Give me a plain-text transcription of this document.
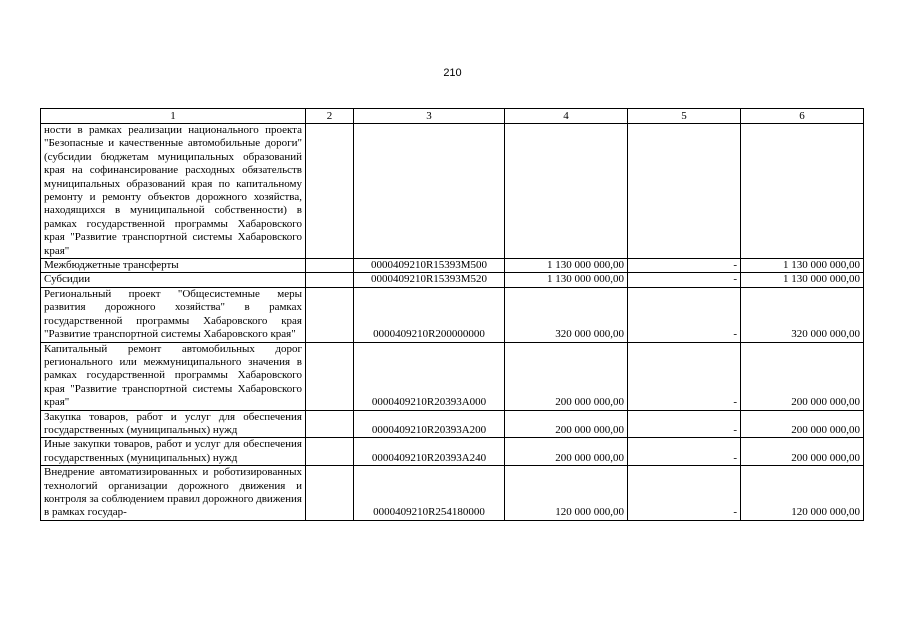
210
1	2	3	4	5	6
ности в рамках реализации национального проекта "Безопасные и качественные автомобильные дороги" (субсидии бюджетам муниципальных образований края на софинансирование расходных обязательств муниципальных образований края по капитальному ремонту и ремонту объектов дорожного хозяйства, находящихся в муниципальной собственности) в рамках государственной программы Хабаровского края "Развитие транспортной системы Хабаровского края"					
Межбюджетные трансферты		0000409210R15393М500	1 130 000 000,00	-	1 130 000 000,00
Субсидии		0000409210R15393М520	1 130 000 000,00	-	1 130 000 000,00
Региональный проект "Общесистемные меры развития дорожного хозяйства" в рамках государственной программы Хабаровского края "Развитие транспортной системы Хабаровского края"		0000409210R200000000	320 000 000,00	-	320 000 000,00
Капитальный ремонт автомобильных дорог регионального или межмуниципального значения в рамках государственной программы Хабаровского края "Развитие транспортной системы Хабаровского края"		0000409210R20393А000	200 000 000,00	-	200 000 000,00
Закупка товаров, работ и услуг для обеспечения государственных (муниципальных) нужд		0000409210R20393А200	200 000 000,00	-	200 000 000,00
Иные закупки товаров, работ и услуг для обеспечения государственных (муниципальных) нужд		0000409210R20393А240	200 000 000,00	-	200 000 000,00
Внедрение автоматизированных и роботизированных технологий организации дорожного движения и контроля за соблюдением правил дорожного движения в рамках государ-		0000409210R254180000	120 000 000,00	-	120 000 000,00
